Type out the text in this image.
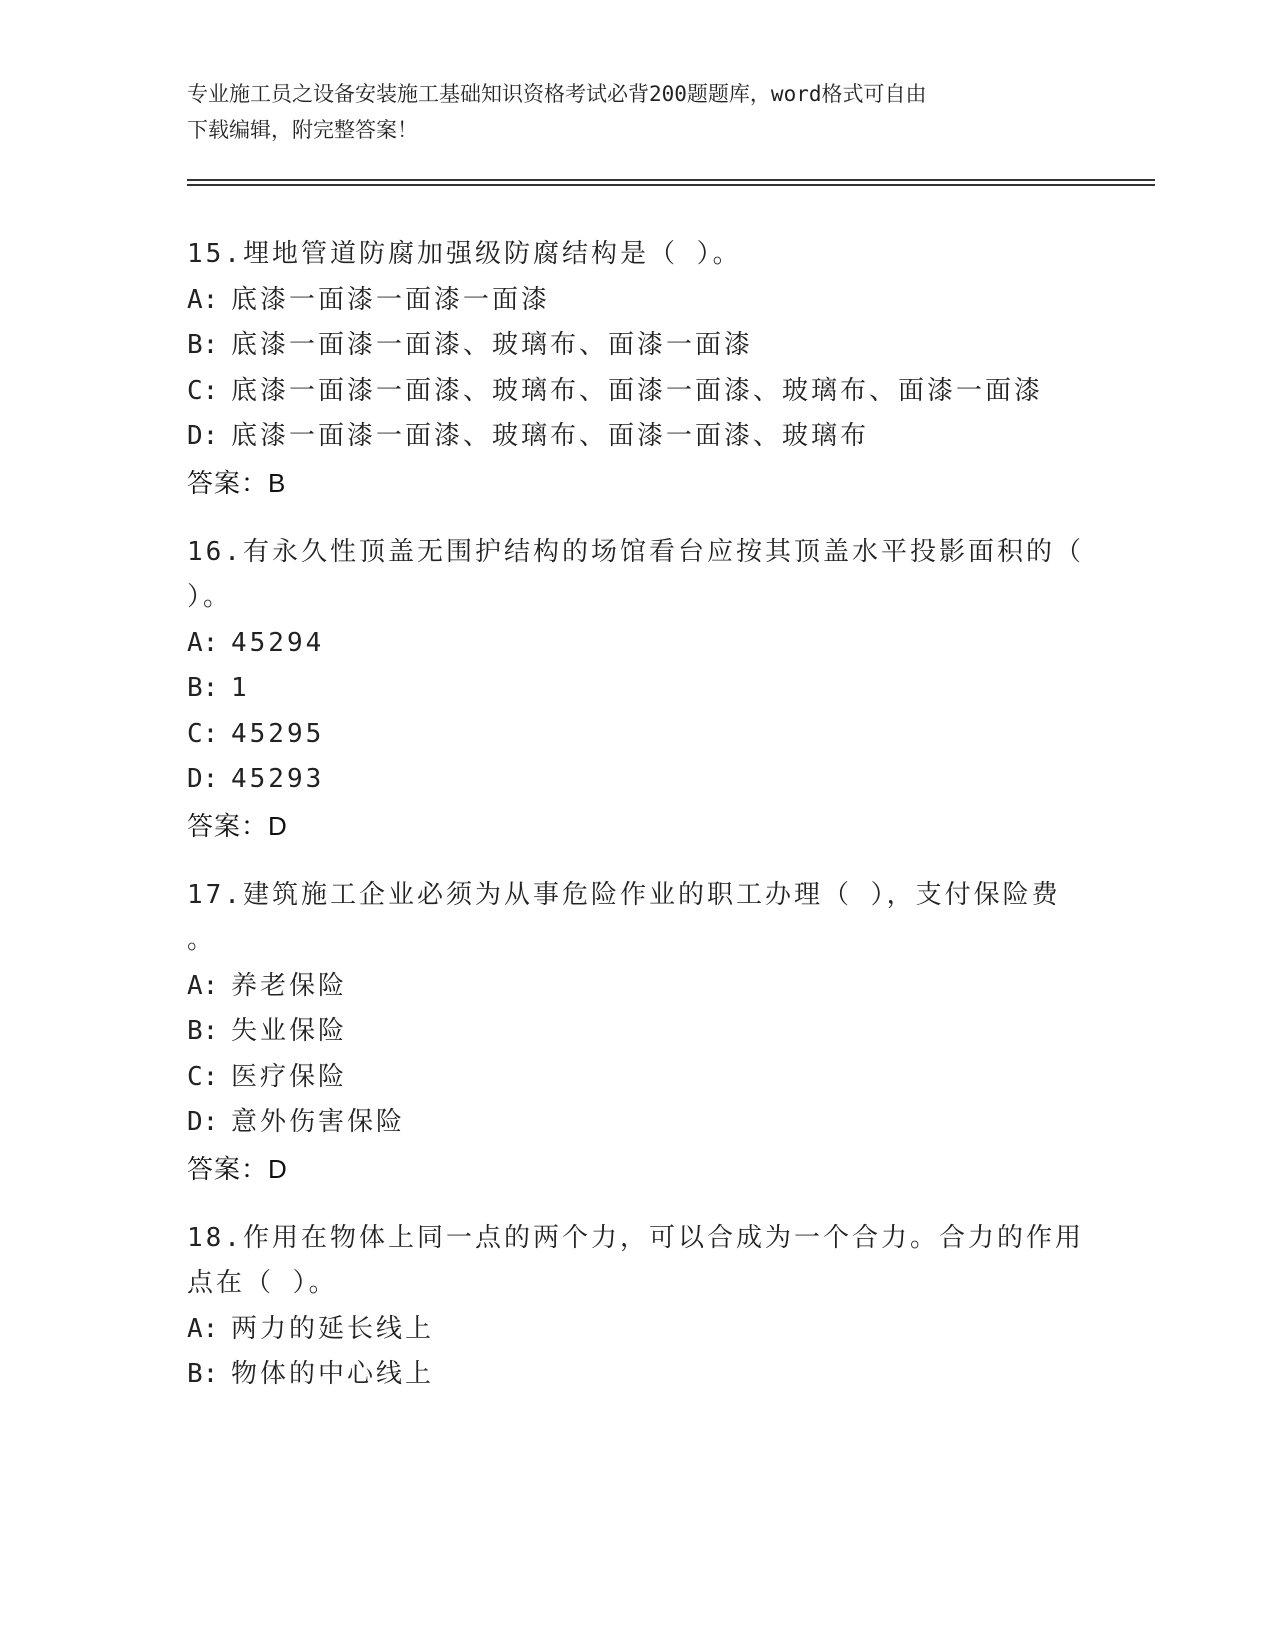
专业施工员之设备安装施工基础知识资格考试必背200题题库，word格式可自由
下载编辑，附完整答案！
15.埋地管道防腐加强级防腐结构是（ ）。
A: 底漆一面漆一面漆一面漆
B: 底漆一面漆一面漆、玻璃布、面漆一面漆
C: 底漆一面漆一面漆、玻璃布、面漆一面漆、玻璃布、面漆一面漆
D: 底漆一面漆一面漆、玻璃布、面漆一面漆、玻璃布
答案：B
16.有永久性顶盖无围护结构的场馆看台应按其顶盖水平投影面积的（
）。
A: 45294
B: 1
C: 45295
D: 45293
答案：D
17.建筑施工企业必须为从事危险作业的职工办理（ ），支付保险费
。
A: 养老保险
B: 失业保险
C: 医疗保险
D: 意外伤害保险
答案：D
18.作用在物体上同一点的两个力，可以合成为一个合力。合力的作用
点在（ ）。
A: 两力的延长线上
B: 物体的中心线上
